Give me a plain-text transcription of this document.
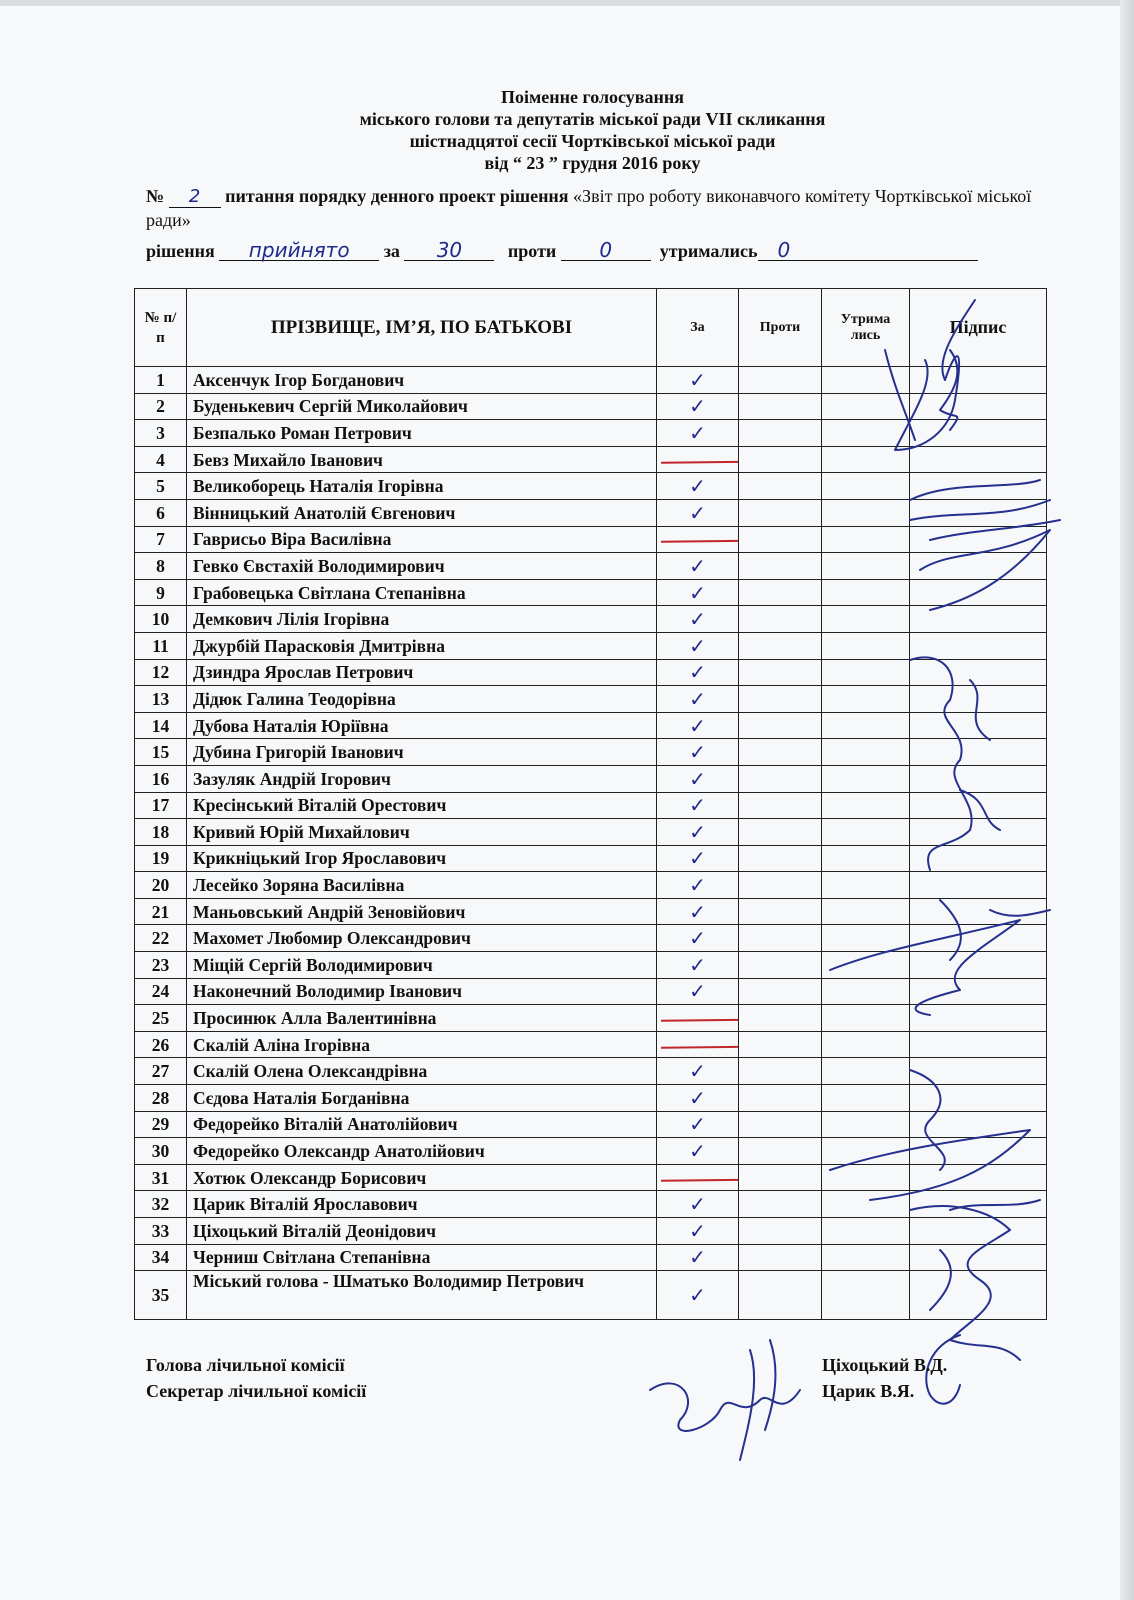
Поіменне голосування
міського голови та депутатів міської ради VІІ скликання
шістнадцятої сесії Чортківської міської ради
від “ 23 ” грудня 2016 року
№ 2 питання порядку денного проект рішення «Звіт про роботу виконавчого комітету Чортківської міської ради»
рішення прийнято за 30	проти 0	утримались 0
№ п/п	ПРІЗВИЩЕ, ІМ’Я, ПО БАТЬКОВІ	За	Проти	Утрима лись	Підпис
1	Аксенчук Ігор Богданович	✓			
2	Буденькевич Сергій Миколайович	✓			
3	Безпалько Роман Петрович	✓			
4	Бевз Михайло Іванович	

5	Великоборець Наталія Ігорівна	✓			
6	Вінницький Анатолій Євгенович	✓			
7	Гаврисьо Віра Василівна	

8	Гевко Євстахій Володимирович	✓			
9	Грабовецька Світлана Степанівна	✓			
10	Демкович Лілія Ігорівна	✓			
11	Джурбій Парасковія Дмитрівна	✓			
12	Дзиндра Ярослав Петрович	✓			
13	Дідюк Галина Теодорівна	✓			
14	Дубова Наталія Юріївна	✓			
15	Дубина Григорій Іванович	✓			
16	Зазуляк Андрій Ігорович	✓			
17	Кресінський Віталій Орестович	✓			
18	Кривий Юрій Михайлович	✓			
19	Крикніцький Ігор Ярославович	✓			
20	Лесейко Зоряна Василівна	✓			
21	Маньовський Андрій Зеновійович	✓			
22	Махомет Любомир Олександрович	✓			
23	Міщій Сергій Володимирович	✓			
24	Наконечний Володимир Іванович	✓			
25	Просинюк Алла Валентинівна	

26	Скалій Аліна Ігорівна	

27	Скалій Олена Олександрівна	✓			
28	Сєдова Наталія Богданівна	✓			
29	Федорейко Віталій Анатолійович	✓			
30	Федорейко Олександр Анатолійович	✓			
31	Хотюк Олександр Борисович	

32	Царик Віталій Ярославович	✓			
33	Ціхоцький Віталій Деонідович	✓			
34	Черниш Світлана Степанівна	✓			
35	Міський голова - Шматько Володимир Петрович	✓			
Голова лічильної комісії	Ціхоцький В.Д.
Секретар лічильної комісії	Царик В.Я.
